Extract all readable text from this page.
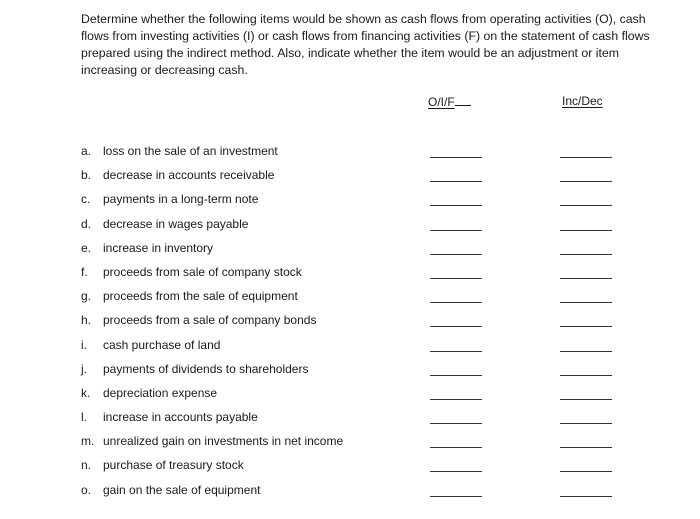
Determine whether the following items would be shown as cash flows from operating activities (O), cash flows from investing activities (I) or cash flows from financing activities (F) on the statement of cash flows prepared using the indirect method. Also, indicate whether the item would be an adjustment or item increasing or decreasing cash.

O/I/F	Inc/Dec
a. loss on the sale of an investment
b. decrease in accounts receivable
c. payments in a long-term note
d. decrease in wages payable
e. increase in inventory
f. proceeds from sale of company stock
g. proceeds from the sale of equipment
h. proceeds from a sale of company bonds
i. cash purchase of land
j. payments of dividends to shareholders
k. depreciation expense
l. increase in accounts payable
m. unrealized gain on investments in net income
n. purchase of treasury stock
o. gain on the sale of equipment
